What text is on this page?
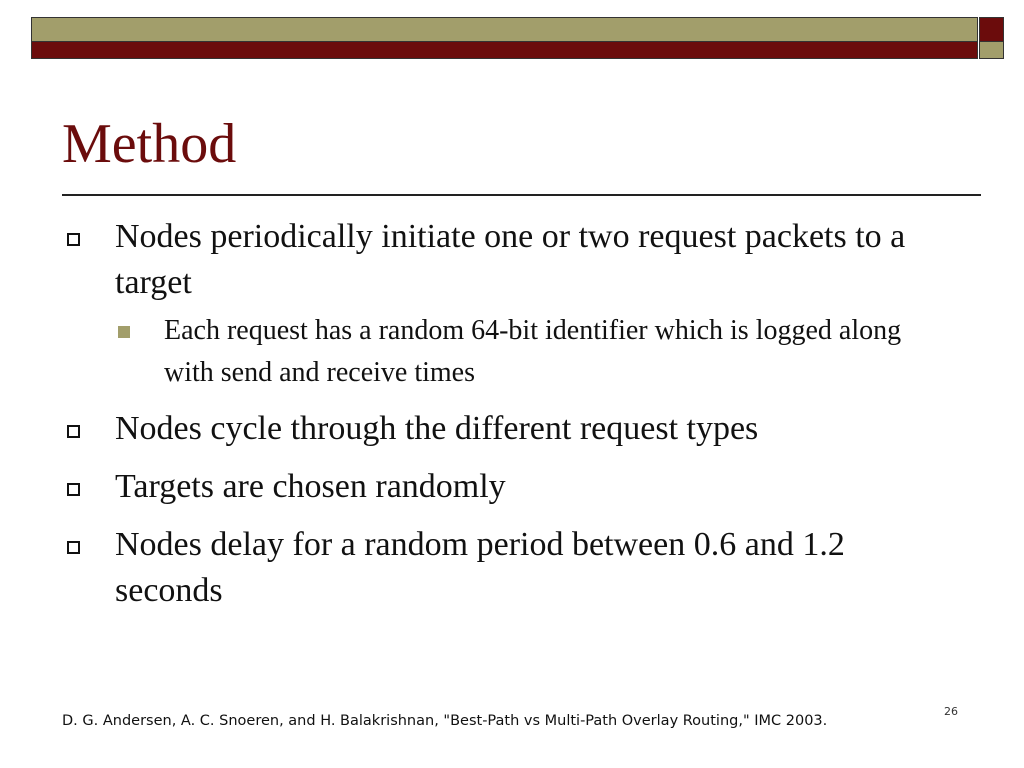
Method
Nodes periodically initiate one or two request packets to a target
Each request has a random 64-bit identifier which is logged along with send and receive times
Nodes cycle through the different request types
Targets are chosen randomly
Nodes delay for a random period between 0.6 and 1.2 seconds
26
D. G. Andersen, A. C. Snoeren, and H. Balakrishnan, "Best-Path vs Multi-Path Overlay Routing," IMC 2003.
